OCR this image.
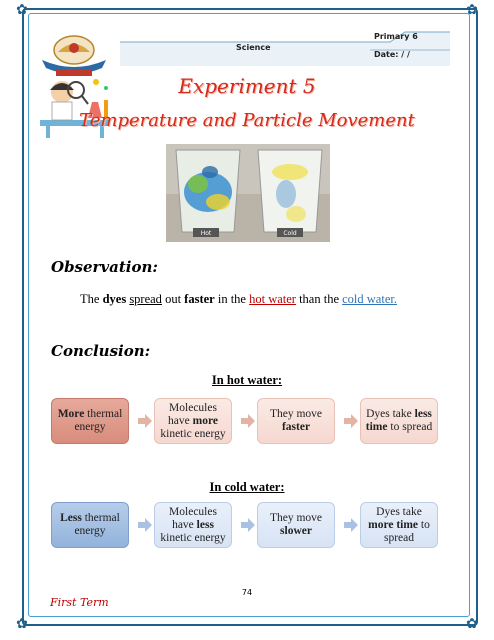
✿	✿
✿	✿
Science
Primary 6
Date: / /
Experiment 5
Temperature and Particle Movement
Hot	Cold
Observation:
The dyes spread out faster in the hot water than the cold water.
Conclusion:
In hot water:
More thermal energy
Molecules have more kinetic energy
They move faster
Dyes take less time to spread
In cold water:
Less thermal energy
Molecules have less kinetic energy
They move slower
Dyes take more time to spread
74
First Term
